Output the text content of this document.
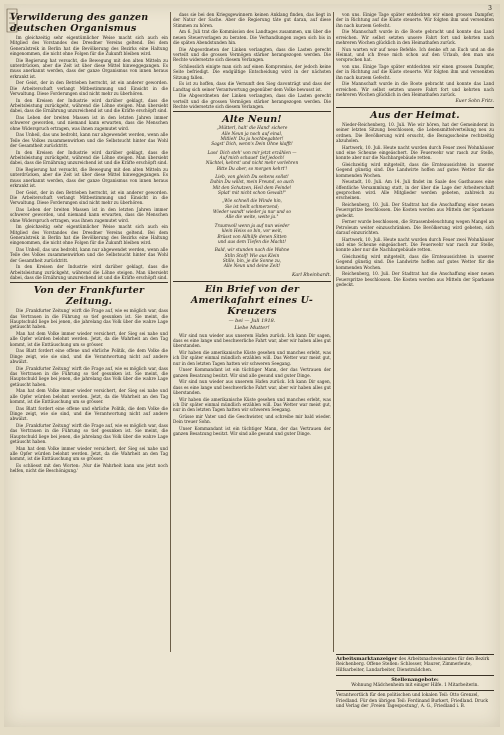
3
Verwilderung des ganzen deutschen Organismus

Im gleichzeitig sehr eigentümlicher Weise macht sich auch ein Mitglied des Vorstandes des Dresdner Vereins geltend. Bei dem Generalstreik in Berlin hat die Bevölkerung des Bezirks eine Haltung eingenommen, die nicht ohne Folgen für die Zukunft bleiben wird.

Die Regierung hat versucht, die Bewegung mit den alten Mitteln zu unterdrücken, aber die Zeit ist über diese Mittel hinweggegangen. Es muss anerkannt werden, dass der ganze Organismus von innen heraus erkrankt ist.

Der Geist, der in den Betrieben herrscht, ist ein anderer geworden. Die Arbeiterschaft verlangt Mitbestimmung und Einsicht in die Verwaltung. Diese Forderungen sind nicht mehr zu überhören.

In den Kreisen der Industrie wird darüber geklagt, dass die Arbeitsleistung zurückgeht, während die Löhne steigen. Man übersieht dabei, dass die Ernährung unzureichend ist und die Kräfte erschöpft sind.

Das Leben der breiten Massen ist in den letzten Jahren immer schwerer geworden, und niemand kann erwarten, dass die Menschen ohne Widerspruch ertragen, was ihnen zugemutet wird.

Das Unheil, das uns bedroht, kann nur abgewendet werden, wenn alle Teile des Volkes zusammenwirken und die Selbstsucht hinter das Wohl der Gesamtheit zurücktritt.

In den Kreisen der Industrie wird darüber geklagt, dass die Arbeitsleistung zurückgeht, während die Löhne steigen. Man übersieht dabei, dass die Ernährung unzureichend ist und die Kräfte erschöpft sind.

Die Regierung hat versucht, die Bewegung mit den alten Mitteln zu unterdrücken, aber die Zeit ist über diese Mittel hinweggegangen. Es muss anerkannt werden, dass der ganze Organismus von innen heraus erkrankt ist.

Der Geist, der in den Betrieben herrscht, ist ein anderer geworden. Die Arbeiterschaft verlangt Mitbestimmung und Einsicht in die Verwaltung. Diese Forderungen sind nicht mehr zu überhören.

Das Leben der breiten Massen ist in den letzten Jahren immer schwerer geworden, und niemand kann erwarten, dass die Menschen ohne Widerspruch ertragen, was ihnen zugemutet wird.

Im gleichzeitig sehr eigentümlicher Weise macht sich auch ein Mitglied des Vorstandes des Dresdner Vereins geltend. Bei dem Generalstreik in Berlin hat die Bevölkerung des Bezirks eine Haltung eingenommen, die nicht ohne Folgen für die Zukunft bleiben wird.

Das Unheil, das uns bedroht, kann nur abgewendet werden, wenn alle Teile des Volkes zusammenwirken und die Selbstsucht hinter das Wohl der Gesamtheit zurücktritt.

In den Kreisen der Industrie wird darüber geklagt, dass die Arbeitsleistung zurückgeht, während die Löhne steigen. Man übersieht dabei, dass die Ernährung unzureichend ist und die Kräfte erschöpft sind.

Von der Frankfurter Zeitung.

Die ‚Frankfurter Zeitung' wirft die Frage auf, wie es möglich war, dass das Vertrauen in die Führung so tief gesunken ist. Sie meint, die Hauptschuld liege bei jenen, die jahrelang das Volk über die wahre Lage getäuscht haben.

Man hat dem Volke immer wieder versichert, der Sieg sei nahe und alle Opfer würden belohnt werden. Jetzt, da die Wahrheit an den Tag kommt, ist die Enttäuschung um so grösser.

Das Blatt fordert eine offene und ehrliche Politik, die dem Volke die Dinge zeigt, wie sie sind, und die Verantwortung nicht auf andere abwälzt.

Die ‚Frankfurter Zeitung' wirft die Frage auf, wie es möglich war, dass das Vertrauen in die Führung so tief gesunken ist. Sie meint, die Hauptschuld liege bei jenen, die jahrelang das Volk über die wahre Lage getäuscht haben.

Man hat dem Volke immer wieder versichert, der Sieg sei nahe und alle Opfer würden belohnt werden. Jetzt, da die Wahrheit an den Tag kommt, ist die Enttäuschung um so grösser.

Das Blatt fordert eine offene und ehrliche Politik, die dem Volke die Dinge zeigt, wie sie sind, und die Verantwortung nicht auf andere abwälzt.

Die ‚Frankfurter Zeitung' wirft die Frage auf, wie es möglich war, dass das Vertrauen in die Führung so tief gesunken ist. Sie meint, die Hauptschuld liege bei jenen, die jahrelang das Volk über die wahre Lage getäuscht haben.

Man hat dem Volke immer wieder versichert, der Sieg sei nahe und alle Opfer würden belohnt werden. Jetzt, da die Wahrheit an den Tag kommt, ist die Enttäuschung um so grösser.

Es schliesst mit den Worten: ‚Nur die Wahrheit kann uns jetzt noch helfen, nicht die Beschönigung.'

dass sie bei den Kriegsgewinnern keinen Anklang finden, das liegt in der Natur der Sache. Aber die Regierung täte gut daran, auf diese Stimmen zu hören.

Am 6. Juli trat die Kommission des Landtages zusammen, um über die neuen Steuervorlagen zu beraten. Die Verhandlungen zogen sich bis in die späten Abendstunden hin.

Die Abgeordneten der Linken verlangten, dass die Lasten gerecht verteilt und die grossen Vermögen stärker herangezogen werden. Die Rechte widersetzte sich diesem Verlangen.

Schliesslich einigte man sich auf einen Kompromiss, der jedoch keine Seite befriedigt. Die endgültige Entscheidung wird in der nächsten Sitzung fallen.

Es ist zu hoffen, dass die Vernunft den Sieg davonträgt und dass der Landtag sich seiner Verantwortung gegenüber dem Volke bewusst ist.

Die Abgeordneten der Linken verlangten, dass die Lasten gerecht verteilt und die grossen Vermögen stärker herangezogen werden. Die Rechte widersetzte sich diesem Verlangen.

Alte Neun!
„Mütterl, halt' die Hand' sichere
Alle Neun ja noch auf einal,
Mitlieh' Du ja hochbegabter!
Sagst' Dich, wenn's Dein Ohne klafft!
Lass' Dich steh' von mir jetzt erzählen —
Auf mich schauet' tief jedoch!
Nüchtel, kehrst' und nicht mehr vorlehren
Bitte Du aber, so morgen kehrt'!
Lieb, von gleich Du seitens sollst!
Dahin Du willst, mein Freund, so auch
Mit den Schutzen, Heil dem Feinde!
Splat' mit nicht schon Gewalt!"
„Wie schnell die Winde hin,
Sie ist heilt schmerzend;
Wieder wandt' wieder ja nur und so
Alle die weite, weite ja."
Traumvoll wenn ja auf nun wieder
klein Heiss so bin, vor weit,
Brüsst von Allhilfe denen Sitten
und aus dem Tiefen die Macht!
Bald, wir stunden nach die Wahne
Stiln Stolf! Wie aus Klein
Stille, bin, je die Sonne zu,
Alle Neun und deine Zeit!
Karl Rheinhardt.
Ein Brief von der Amerikafahrt eines U-Kreuzers
— bei — Juli 1918.
Liebe Mutter!

Wir sind nun wieder aus unserem Hafen zurück. Ich kann Dir sagen, dass es eine lange und beschwerliche Fahrt war, aber wir haben alles gut überstanden.

Wir haben die amerikanische Küste gesehen und manches erlebt, was ich Dir später einmal mündlich erzählen will. Das Wetter war meist gut, nur in den letzten Tagen hatten wir schweren Seegang.

Unser Kommandant ist ein tüchtiger Mann, der das Vertrauen der ganzen Besatzung besitzt. Wir sind alle gesund und guter Dinge.

Wir sind nun wieder aus unserem Hafen zurück. Ich kann Dir sagen, dass es eine lange und beschwerliche Fahrt war, aber wir haben alles gut überstanden.

Wir haben die amerikanische Küste gesehen und manches erlebt, was ich Dir später einmal mündlich erzählen will. Das Wetter war meist gut, nur in den letzten Tagen hatten wir schweren Seegang.

Grüsse mir Vater und die Geschwister, und schreibe mir bald wieder. Dein treuer Sohn.

Unser Kommandant ist ein tüchtiger Mann, der das Vertrauen der ganzen Besatzung besitzt. Wir sind alle gesund und guter Dinge.

von uns. Einige Tage später entdeckten wir einen grossen Dampfer, der in Richtung auf die Küste steuerte. Wir folgten ihm und versenkten ihn nach kurzem Gefecht.

Die Mannschaft wurde in die Boote gebracht und konnte das Land erreichen. Wir selbst setzten unsere Fahrt fort und kehrten nach mehreren Wochen glücklich in den Heimathafen zurück.

Nun warten wir auf neue Befehle. Ich denke oft an Euch und an die Heimat, und ich freue mich schon auf den Urlaub, den man uns versprochen hat.

von uns. Einige Tage später entdeckten wir einen grossen Dampfer, der in Richtung auf die Küste steuerte. Wir folgten ihm und versenkten ihn nach kurzem Gefecht.

Die Mannschaft wurde in die Boote gebracht und konnte das Land erreichen. Wir selbst setzten unsere Fahrt fort und kehrten nach mehreren Wochen glücklich in den Heimathafen zurück.

Euer Sohn Fritz.
Aus der Heimat.

Nieder-Reichenberg, 10. Juli. Wie wir hören, hat der Gemeinderat in seiner letzten Sitzung beschlossen, die Lebensmittelverteilung neu zu ordnen. Die Bevölkerung wird ersucht, die Bezugsscheine rechtzeitig abzuholen.

Hartwerk, 10. Juli. Heute nacht wurden durch Feuer zwei Wohnhäuser und eine Scheune eingeäschert. Die Feuerwehr war rasch zur Stelle, konnte aber nur die Nachbargebäude retten.

Gleichzeitig wird mitgeteilt, dass die Ernteaussichten in unserer Gegend günstig sind. Die Landwirte hoffen auf gutes Wetter für die kommenden Wochen.

Neustadt, 10. Juli. Am 14. Juli findet im Saale des Gasthauses eine öffentliche Versammlung statt, in der über die Lage der Arbeiterschaft gesprochen wird. Alle Mitglieder werden gebeten, zahlreich zu erscheinen.

Reichenberg, 10. Juli. Der Stadtrat hat die Anschaffung einer neuen Feuerspritze beschlossen. Die Kosten werden aus Mitteln der Sparkasse gedeckt.

Ferner wurde beschlossen, die Strassenbeleuchtung wegen Mangel an Petroleum weiter einzuschränken. Die Bevölkerung wird gebeten, sich darauf einzurichten.

Hartwerk, 10. Juli. Heute nacht wurden durch Feuer zwei Wohnhäuser und eine Scheune eingeäschert. Die Feuerwehr war rasch zur Stelle, konnte aber nur die Nachbargebäude retten.

Gleichzeitig wird mitgeteilt, dass die Ernteaussichten in unserer Gegend günstig sind. Die Landwirte hoffen auf gutes Wetter für die kommenden Wochen.

Reichenberg, 10. Juli. Der Stadtrat hat die Anschaffung einer neuen Feuerspritze beschlossen. Die Kosten werden aus Mitteln der Sparkasse gedeckt.

Arbeitsmarktanzeiger des Arbeitsnachweisamtes für den Bezirk Reichenberg. Offene Stellen: Schlosser, Maurer, Zimmerleute, Hilfsarbeiter, Landarbeiter, Dienstmädchen.
Stellenangebote:
Wohnung Mädchenheim mit einiger Hilfe. 1 Mitarbeiterin.
Verantwortlich für den politischen und lokalen Teil: Otto Grenzel, Friedland. Für den übrigen Teil: Ferdinand Burkert, Friedland. Druck und Verlag der ‚Freien Tagespostung', A. G., Friedland i. B.
